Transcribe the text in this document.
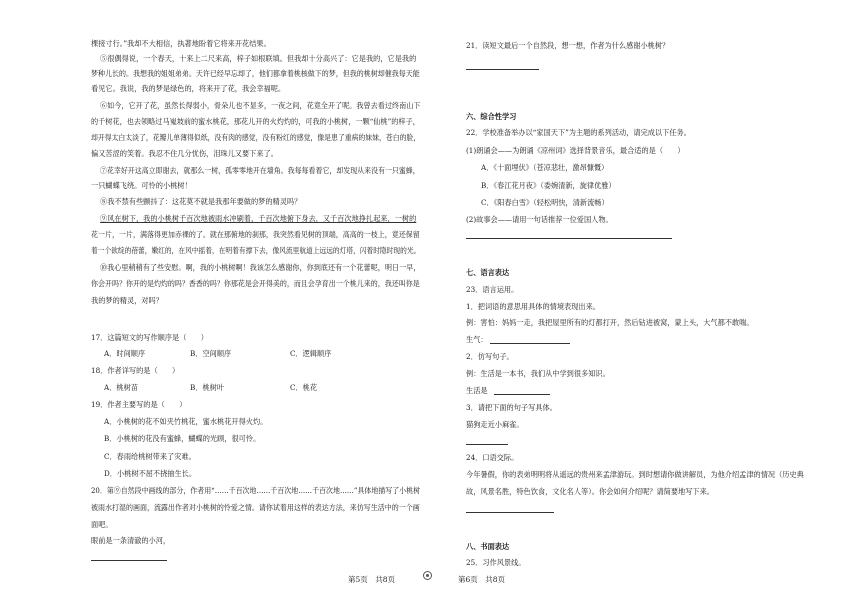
棵接寸行。”我却不大相信，执著地盼着它将来开花结果。
⑤很偶得说，一个春天，十来上二尺来高，梓子如根联填。但我却十分高兴了：它是我的，它是我的
梦种儿长的。我想我的姐姐弟弟。天许已经早忘却了，他们都拿着桃核做下的梦，但我的桃树却催我每天能
看见它。我说，我的梦是绿色的，将来开了花，我会幸福呢。
⑥如今，它开了花，虽然长得弱小，骨朵儿也不显多，一夜之间，花竟全开了呢。我曾去看过终南山下
的千树花，也去领略过马嵬坡前的蜜水桃花，那花儿开的火灼灼的，可我的小桃树，一颗“仙桃”的梓子，
却开得太白太淡了，花瓣儿单薄得似纸，没有肉的感觉，没有粉红的感觉，像是患了重病的妹妹，苍白的脸，
偏又苦涩的笑着。我忍不住几分忧伤，泪珠儿又要下来了。
⑦花幸好开这高立即谢去，就那么一树，孤零零地开在墙角。我每每看着它，却发现从来没有一只蜜蜂，
一只蝴蝶飞绕。可怜的小桃树！
⑧我不禁有些颤抖了：这花莫不就是我那年要做的梦的精灵吗？
⑨风在树下，我的小桃树千百次地被雨水冲刷着，千百次地俯下身去，又千百次地挣扎起来，一树的
花一片，一片，满落得更加赤裸的了。就在那俯地的刹那，我突然看见树的顶端，高高的一枝上，竟还保留
着一个欲绽的蓓蕾，嫩红的，在风中摇着，在明着有撑下去，像风流里航道上远远的灯塔，闪着时隐时现的光。
⑩我心里稍稍有了些安慰。啊，我的小桃树啊！我该怎么感谢你，你到底还有一个花蕾呢，明日一早，
你会开吗？你开的是灼灼的吗？香香的吗？你那花是会开得美的，而且会孕育出一个桃儿来的，我还叫你是
我的梦的精灵，对吗？
17．这篇短文的写作顺序是（　　）
A．时间顺序	B．空间顺序	C．逻辑顺序
18．作者详写的是（　　）
A．桃树苗	B．桃树叶	C．桃花
19．作者主要写的是（　　）
A．小桃树的花不如夹竹桃花，蜜水桃花开得火灼。
B．小桃树的花没有蜜蜂，蝴蝶的光顾，很可怜。
C．春雨给桃树带来了灾难。
D．小桃树不屈不挠抽生长。
20．第⑨自然段中画线的部分，作者用“……千百次地……千百次地……千百次地……”具体地描写了小桃树
被雨水打湿的画面，流露出作者对小桃树的怜爱之情。请你试着用这样的表达方法，来仿写生活中的一个画
面吧。
眼前是一条清澈的小河，
第5页　共8页
21．读短文最后一个自然段，想一想，作者为什么感谢小桃树？
六、综合性学习
22．学校准备举办以“家国天下”为主题的系列活动，请完成以下任务。
(1)朗诵会——为朗诵《凉州词》选择背景音乐，最合适的是（　　）
A．《十面埋伏》（苍凉悲壮，激昂慷慨）
B．《春江花月夜》（委婉清新，旋律优雅）
C．《阳春白雪》（轻松明快，清新流畅）
(2)故事会——请用一句话推荐一位爱国人物。
七、语言表达
23．语言运用。
1．把词语的意思用具体的情境表现出来。
例：害怕：妈妈一走，我把屋里所有的灯都打开，然后钻进被窝，蒙上头，大气都不敢喘。
生气：
2．仿写句子。
例：生活是一本书，我们从中学到很多知识。
生活是
3．请把下面的句子写具体。
猫狗走近小麻雀。
24．口语交际。
今年暑假，你的表弟明明将从遥远的贵州来孟津游玩。到时想请你做讲解员，为他介绍孟津的情况（历史典
故，风景名胜，特色饮食，文化名人等）。你会如何介绍呢？请简要地写下来。
八、书面表达
25．习作风景线。
第6页　共8页
